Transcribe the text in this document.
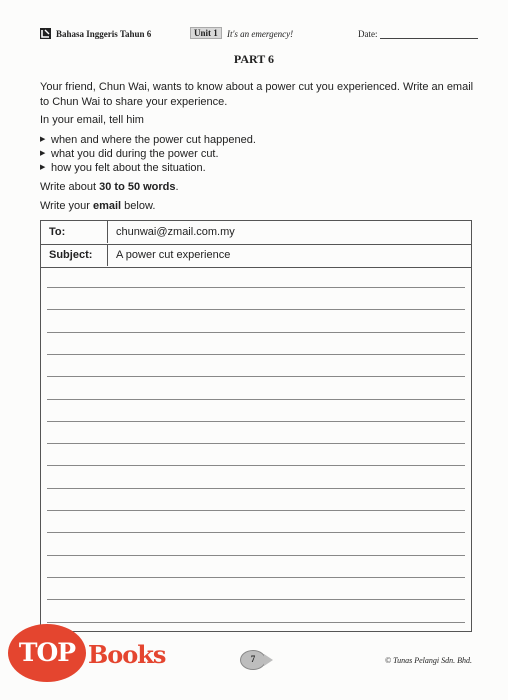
Bahasa Inggeris Tahun 6	Unit 1	It's an emergency!	Date:
PART 6
Your friend, Chun Wai, wants to know about a power cut you experienced. Write an email to Chun Wai to share your experience.
In your email, tell him
▶ when and where the power cut happened.
▶ what you did during the power cut.
▶ how you felt about the situation.
Write about 30 to 50 words.
Write your email below.
To:	chunwai@zmail.com.my
Subject: A power cut experience
TOP Books	7	© Tunas Pelangi Sdn. Bhd.
